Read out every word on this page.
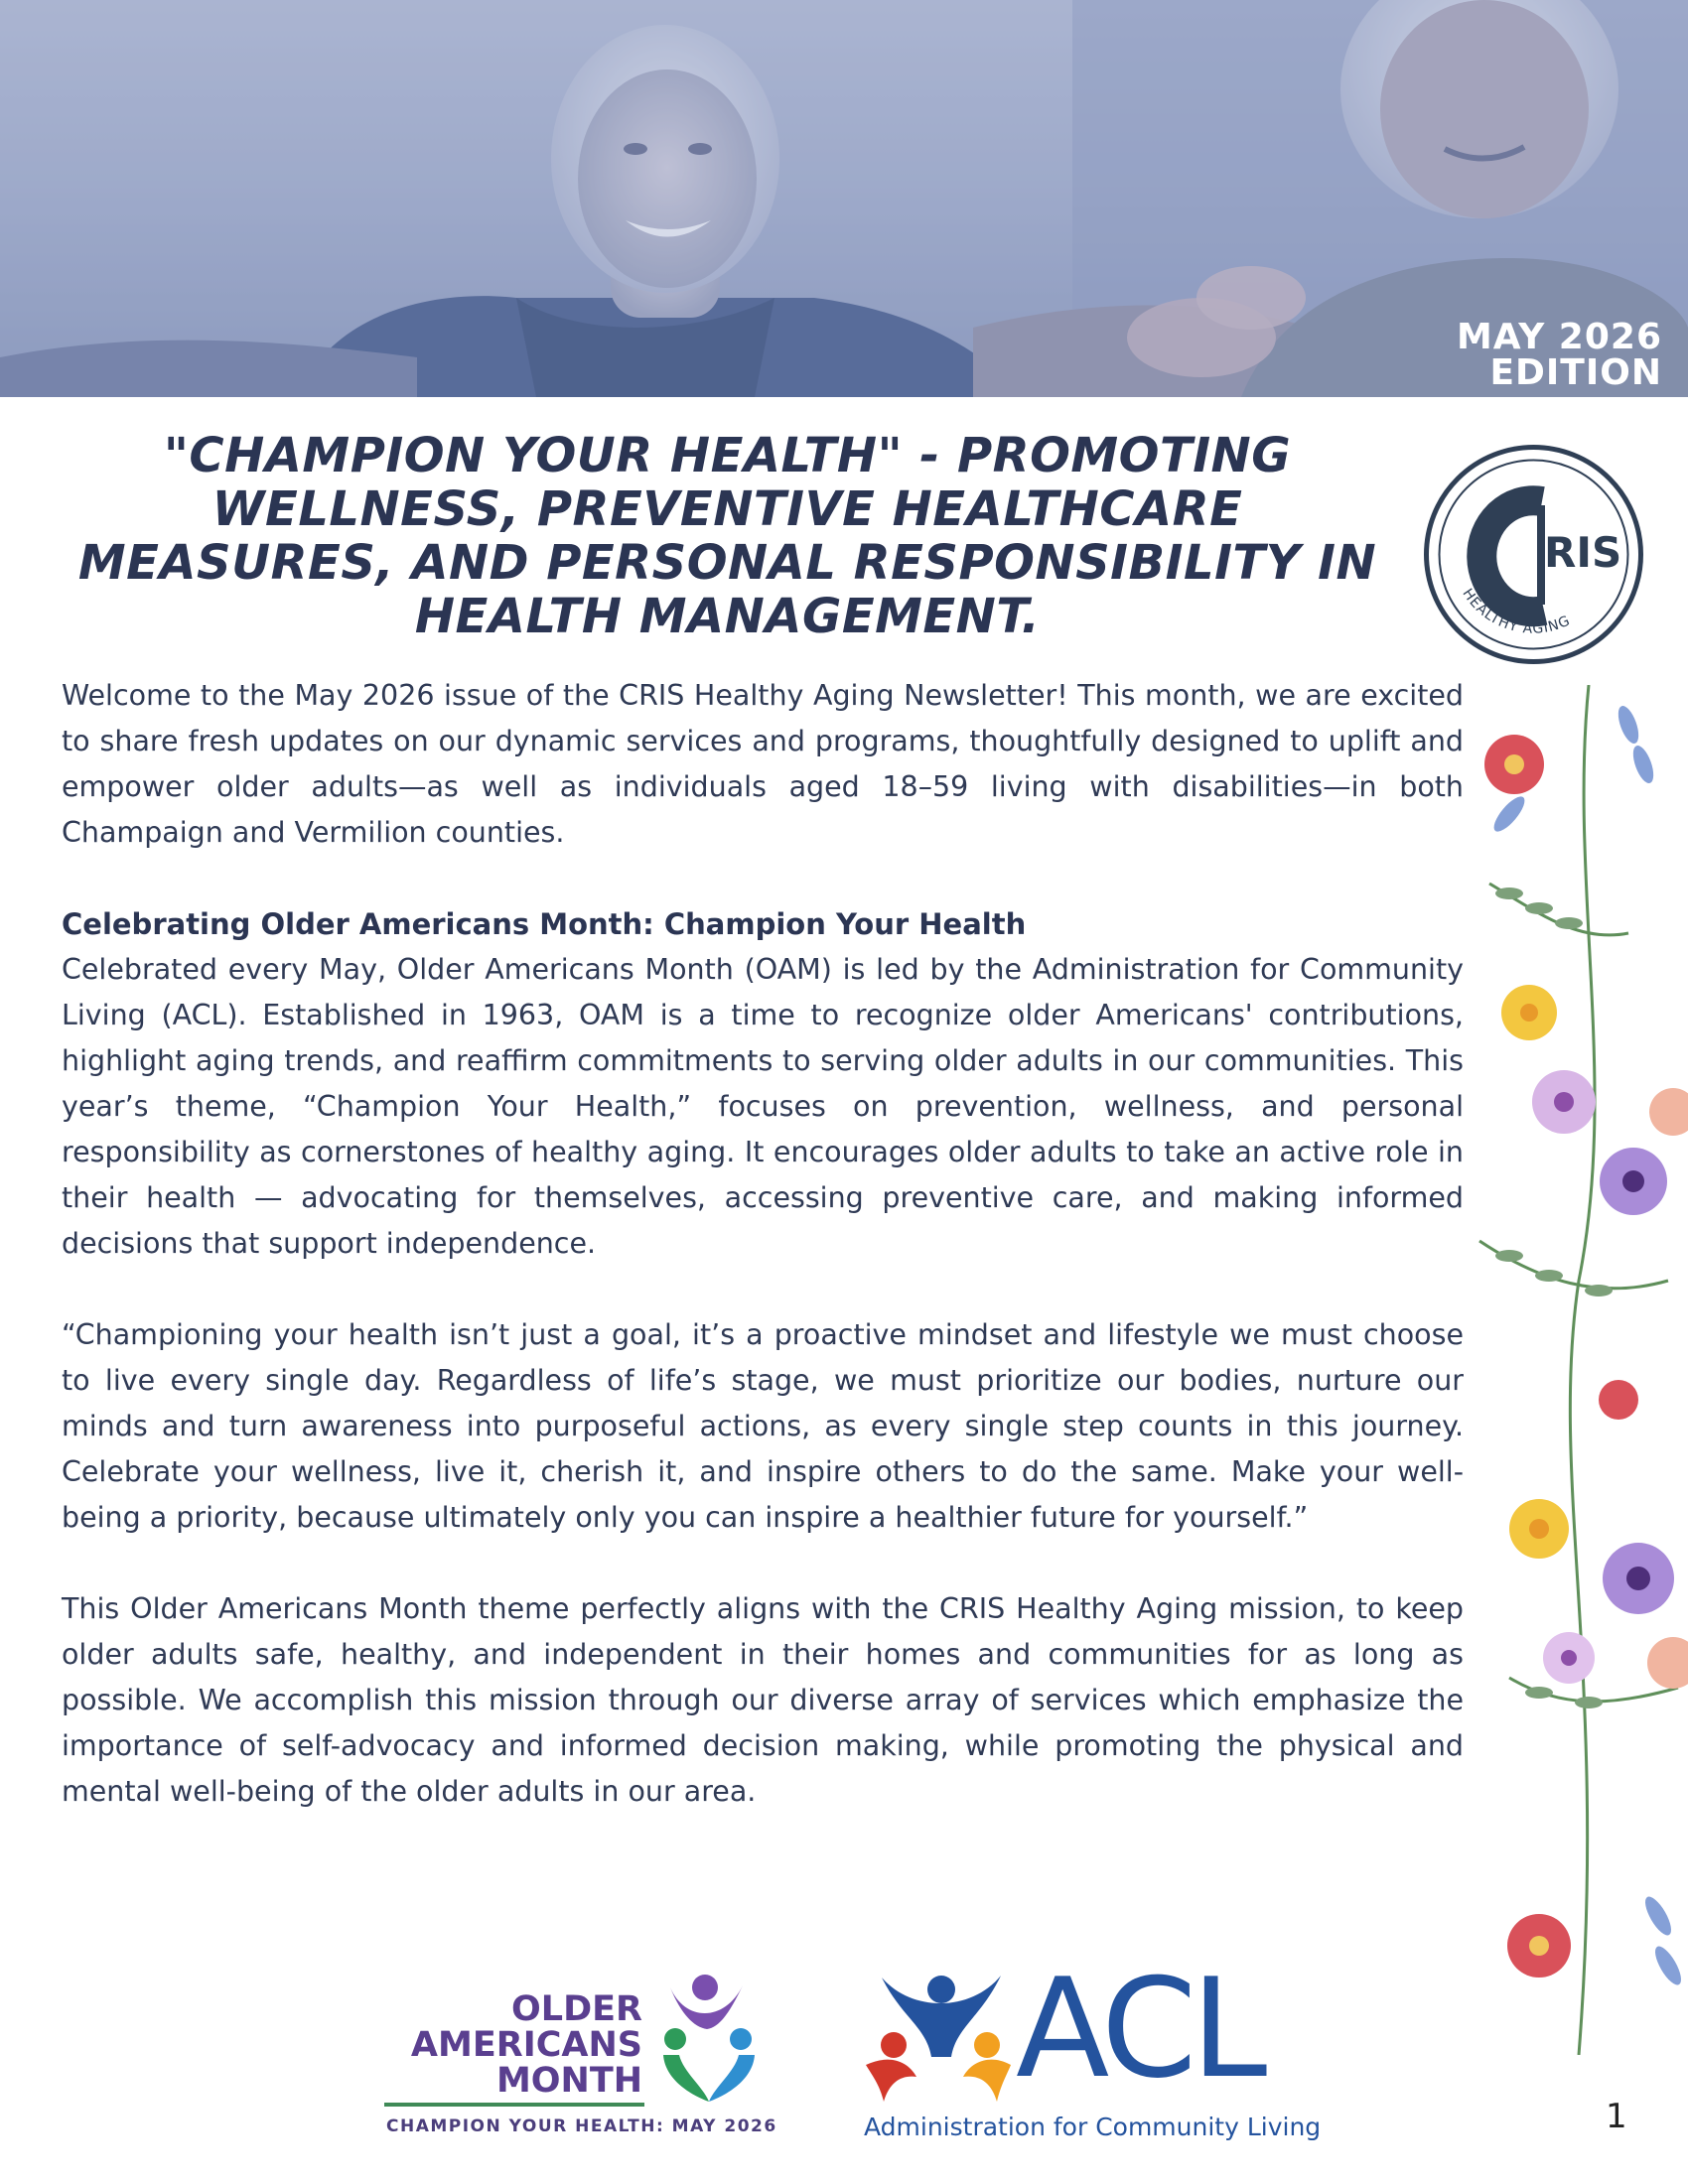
MAY 2026
EDITION
"CHAMPION YOUR HEALTH" - PROMOTING WELLNESS, PREVENTIVE HEALTHCARE MEASURES, AND PERSONAL RESPONSIBILITY IN HEALTH MANAGEMENT.
RIS
HEALTHY AGING

Welcome to the May 2026 issue of the CRIS Healthy Aging Newsletter! This month, we are excited to share fresh updates on our dynamic services and programs, thoughtfully designed to uplift and empower older adults—as well as individuals aged 18–59 living with disabilities—in both Champaign and Vermilion counties.

Celebrating Older Americans Month: Champion Your Health

Celebrated every May, Older Americans Month (OAM) is led by the Administration for Community Living (ACL). Established in 1963, OAM is a time to recognize older Americans' contributions, highlight aging trends, and reaffirm commitments to serving older adults in our communities. This year’s theme, “Champion Your Health,” focuses on prevention, wellness, and personal responsibility as cornerstones of healthy aging. It encourages older adults to take an active role in their health — advocating for themselves, accessing preventive care, and making informed decisions that support independence.

“Championing your health isn’t just a goal, it’s a proactive mindset and lifestyle we must choose to live every single day. Regardless of life’s stage, we must prioritize our bodies, nurture our minds and turn awareness into purposeful actions, as every single step counts in this journey. Celebrate your wellness, live it, cherish it, and inspire others to do the same. Make your well-being a priority, because ultimately only you can inspire a healthier future for yourself.”

This Older Americans Month theme perfectly aligns with the CRIS Healthy Aging mission, to keep older adults safe, healthy, and independent in their homes and communities for as long as possible. We accomplish this mission through our diverse array of services which emphasize the importance of self-advocacy and informed decision making, while promoting the physical and mental well-being of the older adults in our area.

OLDER
AMERICANS
MONTH
CHAMPION YOUR HEALTH: MAY 2026
ACL
Administration for Community Living	1
